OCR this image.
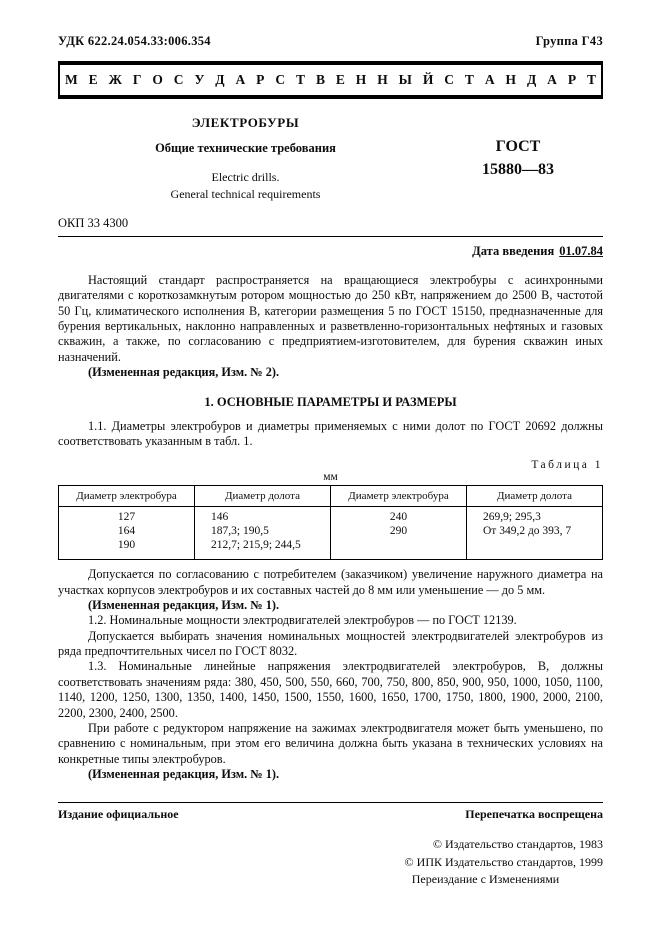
УДК 622.24.054.33:006.354	Группа Г43
М Е Ж Г О С У Д А Р С Т В Е Н Н Ы Й С Т А Н Д А Р Т
ЭЛЕКТРОБУРЫ
Общие технические требования
Electric drills.
General technical requirements
ГОСТ
15880—83
ОКП 33 4300
Дата введения 01.07.84

Настоящий стандарт распространяется на вращающиеся электробуры с асинхронными двигателями с короткозамкнутым ротором мощностью до 250 кВт, напряжением до 2500 В, частотой 50 Гц, климатического исполнения В, категории размещения 5 по ГОСТ 15150, предназначенные для бурения вертикальных, наклонно направленных и разветвленно-горизонтальных нефтяных и газовых скважин, а также, по согласованию с предприятием-изготовителем, для бурения скважин иных назначений.

(Измененная редакция, Изм. № 2).

1. ОСНОВНЫЕ ПАРАМЕТРЫ И РАЗМЕРЫ

1.1. Диаметры электробуров и диаметры применяемых с ними долот по ГОСТ 20692 должны соответствовать указанным в табл. 1.

Таблица 1
мм
Диаметр электробура	Диаметр долота	Диаметр электробура	Диаметр долота
127	146	240	269,9; 295,3
164	187,3; 190,5	290	От 349,2 до 393, 7
190	212,7; 215,9; 244,5		

Допускается по согласованию с потребителем (заказчиком) увеличение наружного диаметра на участках корпусов электробуров и их составных частей до 8 мм или уменьшение — до 5 мм.

(Измененная редакция, Изм. № 1).

1.2. Номинальные мощности электродвигателей электробуров — по ГОСТ 12139.

Допускается выбирать значения номинальных мощностей электродвигателей электробуров из ряда предпочтительных чисел по ГОСТ 8032.

1.3. Номинальные линейные напряжения электродвигателей электробуров, В, должны соответствовать значениям ряда: 380, 450, 500, 550, 660, 700, 750, 800, 850, 900, 950, 1000, 1050, 1100, 1140, 1200, 1250, 1300, 1350, 1400, 1450, 1500, 1550, 1600, 1650, 1700, 1750, 1800, 1900, 2000, 2100, 2200, 2300, 2400, 2500.

При работе с редуктором напряжение на зажимах электродвигателя может быть уменьшено, по сравнению с номинальным, при этом его величина должна быть указана в технических условиях на конкретные типы электробуров.

(Измененная редакция, Изм. № 1).

Издание официальное	Перепечатка воспрещена
© Издательство стандартов, 1983
© ИПК Издательство стандартов, 1999
Переиздание с Изменениями
